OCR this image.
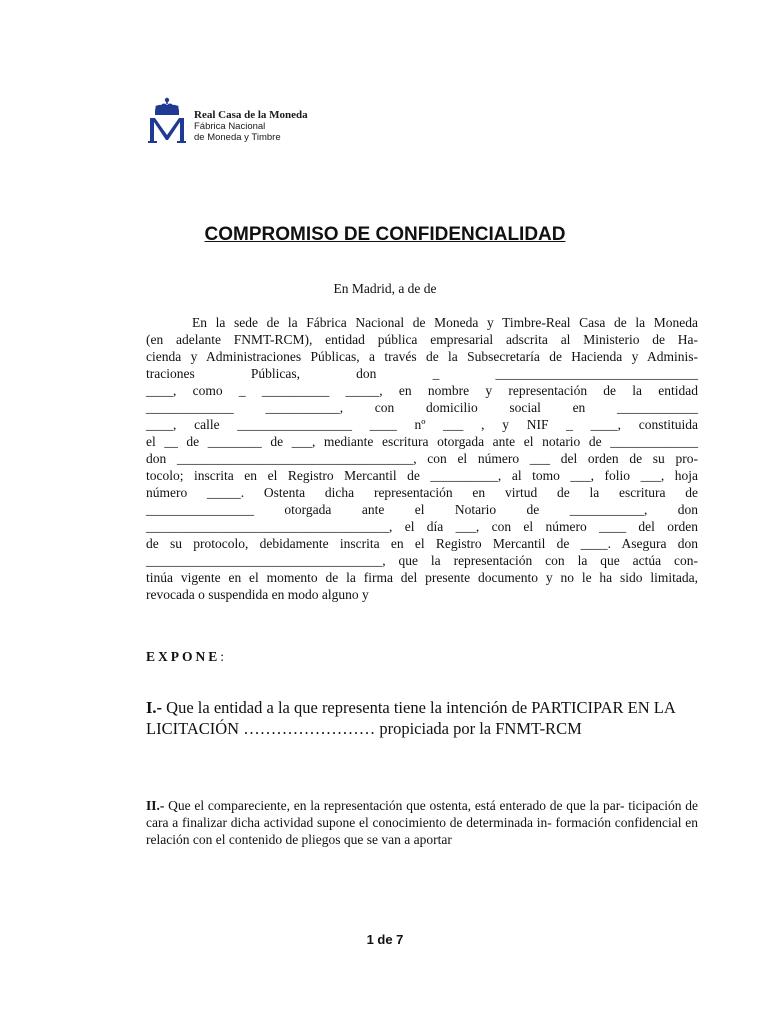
Real Casa de la Moneda
Fábrica Nacional
de Moneda y Timbre
COMPROMISO DE CONFIDENCIALIDAD
En Madrid, a de de
En la sede de la Fábrica Nacional de Moneda y Timbre-Real Casa de la Moneda
(en adelante FNMT-RCM), entidad pública empresarial adscrita al Ministerio de Ha-
cienda y Administraciones Públicas, a través de la Subsecretaría de Hacienda y Adminis-
traciones Públicas, don _ ______________________________
____, como _ __________ _____, en nombre y representación de la entidad
_____________ ___________, con domicilio social en ____________
____, calle _________________ ____ nº ___ , y NIF _ ____, constituida
el __ de ________ de ___, mediante escritura otorgada ante el notario de _____________
don ___________________________________, con el número ___ del orden de su pro-
tocolo; inscrita en el Registro Mercantil de __________, al tomo ___, folio ___, hoja
número _____. Ostenta dicha representación en virtud de la escritura de
________________ otorgada ante el Notario de ___________, don
____________________________________, el día ___, con el número ____ del orden
de su protocolo, debidamente inscrita en el Registro Mercantil de ____. Asegura don
___________________________________, que la representación con la que actúa con-
tinúa vigente en el momento de la firma del presente documento y no le ha sido limitada,
revocada o suspendida en modo alguno y
EXPONE:
I.- Que la entidad a la que representa tiene la intención de PARTICIPAR EN LA LICITACIÓN …………………… propiciada por la FNMT-RCM
II.- Que el compareciente, en la representación que ostenta, está enterado de que la par- ticipación de cara a finalizar dicha actividad supone el conocimiento de determinada in- formación confidencial en relación con el contenido de pliegos que se van a aportar
1 de 7
